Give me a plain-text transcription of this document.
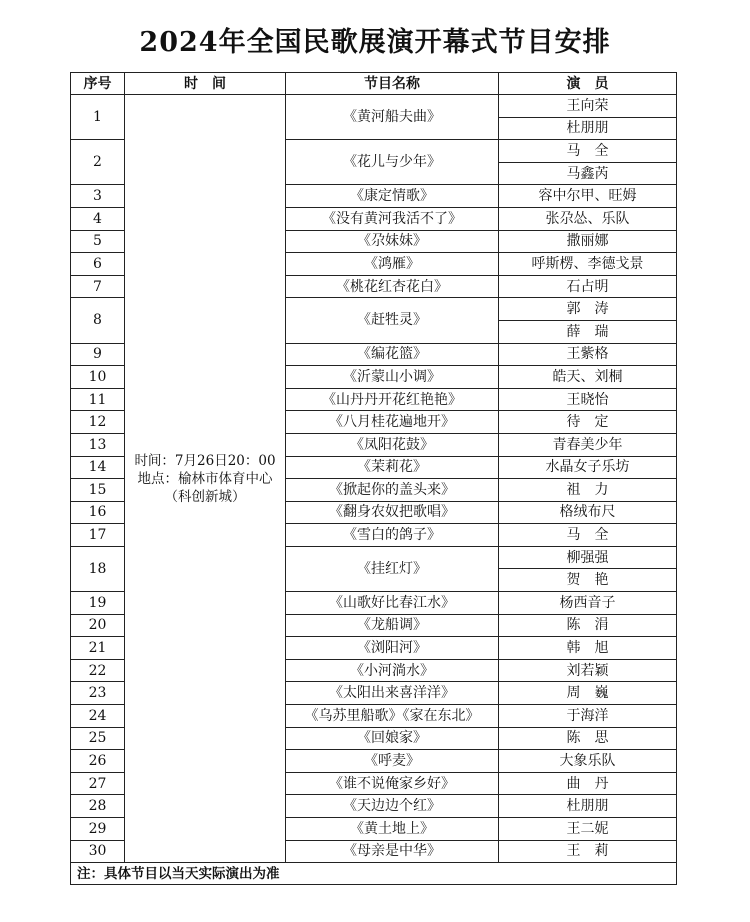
2024年全国民歌展演开幕式节目安排
序号	时　间	节目名称	演　员
1	时间：7月26日20：00
地点：榆林市体育中心
（科创新城）	《黄河船夫曲》	王向荣
			杜朋朋
2		《花儿与少年》	马　全
			马鑫芮
3		《康定情歌》	容中尔甲、旺姆
4		《没有黄河我活不了》	张尕怂、乐队
5		《尕妹妹》	撒丽娜
6		《鸿雁》	呼斯楞、李德戈景
7		《桃花红杏花白》	石占明
8		《赶牲灵》	郭　涛
			薛　瑞
9		《编花篮》	王紫格
10		《沂蒙山小调》	皓天、刘桐
11		《山丹丹开花红艳艳》	王晓怡
12		《八月桂花遍地开》	待　定
13		《凤阳花鼓》	青春美少年
14		《茉莉花》	水晶女子乐坊
15		《掀起你的盖头来》	祖　力
16		《翻身农奴把歌唱》	格绒布尺
17		《雪白的鸽子》	马　全
18		《挂红灯》	柳强强
			贺　艳
19		《山歌好比春江水》	杨西音子
20		《龙船调》	陈　涓
21		《浏阳河》	韩　旭
22		《小河淌水》	刘若颖
23		《太阳出来喜洋洋》	周　巍
24		《乌苏里船歌》《家在东北》	于海洋
25		《回娘家》	陈　思
26		《呼麦》	大象乐队
27		《谁不说俺家乡好》	曲　丹
28		《天边边个红》	杜朋朋
29		《黄土地上》	王二妮
30		《母亲是中华》	王　莉
注：具体节目以当天实际演出为准			
